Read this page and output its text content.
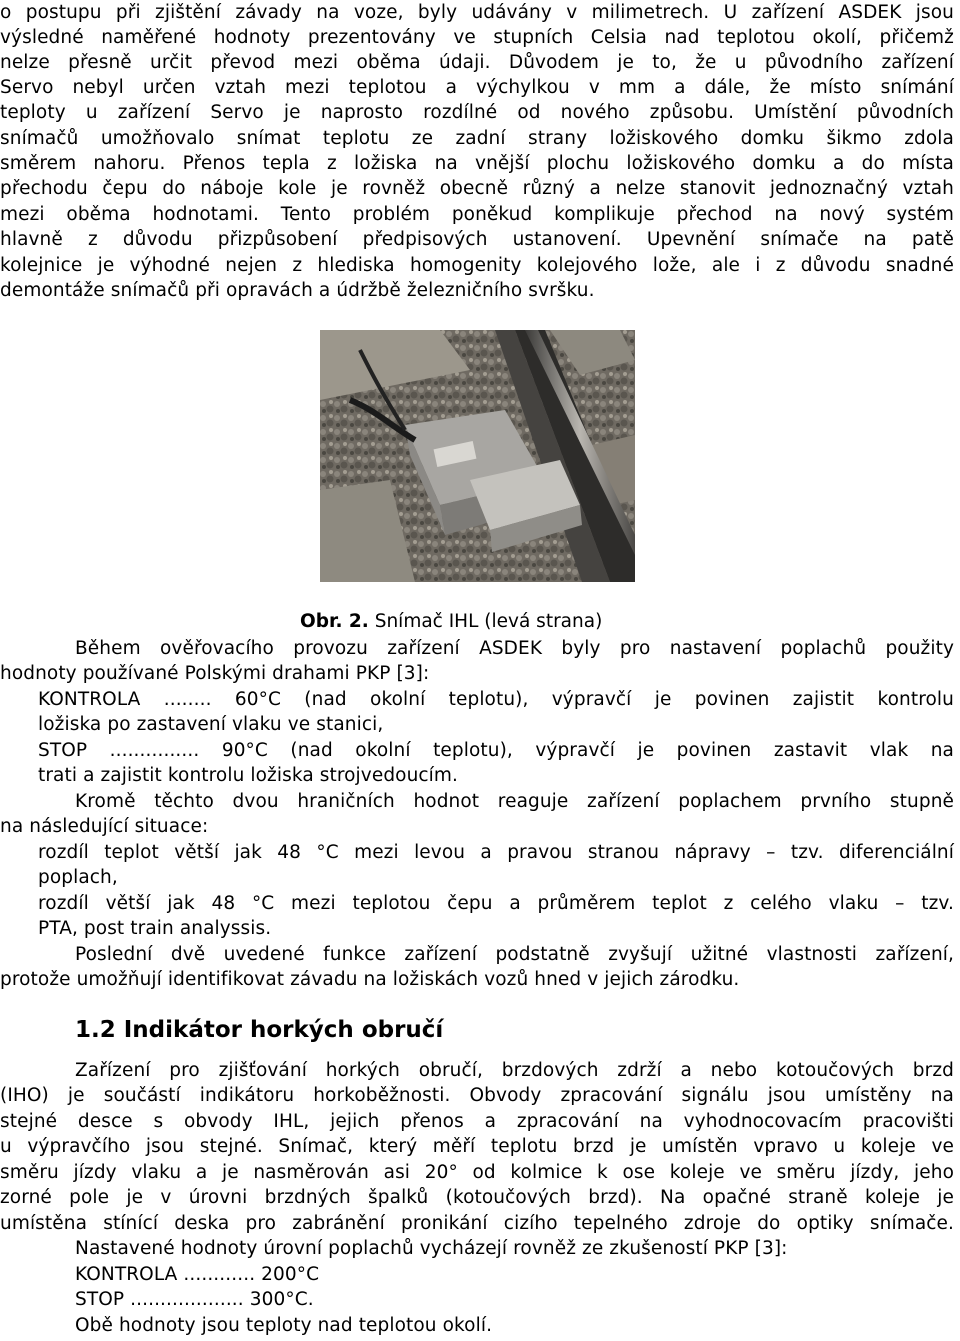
o postupu při zjištění závady na voze, byly udávány v milimetrech. U zařízení ASDEK jsou
výsledné naměřené hodnoty prezentovány ve stupních Celsia nad teplotou okolí, přičemž
nelze přesně určit převod mezi oběma údaji. Důvodem je to, že u původního zařízení
Servo nebyl určen vztah mezi teplotou a výchylkou v mm a dále, že místo snímání
teploty u zařízení Servo je naprosto rozdílné od nového způsobu. Umístění původních
snímačů umožňovalo snímat teplotu ze zadní strany ložiskového domku šikmo zdola
směrem nahoru. Přenos tepla z ložiska na vnější plochu ložiskového domku a do místa
přechodu čepu do náboje kole je rovněž obecně různý a nelze stanovit jednoznačný vztah
mezi oběma hodnotami. Tento problém poněkud komplikuje přechod na nový systém
hlavně z důvodu přizpůsobení předpisových ustanovení. Upevnění snímače na patě
kolejnice je výhodné nejen z hlediska homogenity kolejového lože, ale i z důvodu snadné
demontáže snímačů při opravách a údržbě železničního svršku.
Obr. 2. Snímač IHL (levá strana)
Během ověřovacího provozu zařízení ASDEK byly pro nastavení poplachů použity
hodnoty používané Polskými drahami PKP [3]:
KONTROLA ........ 60°C (nad okolní teplotu), výpravčí je povinen zajistit kontrolu
ložiska po zastavení vlaku ve stanici,
STOP ............... 90°C (nad okolní teplotu), výpravčí je povinen zastavit vlak na
trati a zajistit kontrolu ložiska strojvedoucím.
Kromě těchto dvou hraničních hodnot reaguje zařízení poplachem prvního stupně
na následující situace:
rozdíl teplot větší jak 48 °C mezi levou a pravou stranou nápravy – tzv. diferenciální
poplach,
rozdíl větší jak 48 °C mezi teplotou čepu a průměrem teplot z celého vlaku – tzv.
PTA, post train analyssis.
Poslední dvě uvedené funkce zařízení podstatně zvyšují užitné vlastnosti zařízení,
protože umožňují identifikovat závadu na ložiskách vozů hned v jejich zárodku.
1.2 Indikátor horkých obručí
Zařízení pro zjišťování horkých obručí, brzdových zdrží a nebo kotoučových brzd
(IHO) je součástí indikátoru horkoběžnosti. Obvody zpracování signálu jsou umístěny na
stejné desce s obvody IHL, jejich přenos a zpracování na vyhodnocovacím pracovišti
u výpravčího jsou stejné. Snímač, který měří teplotu brzd je umístěn vpravo u koleje ve
směru jízdy vlaku a je nasměrován asi 20° od kolmice k ose koleje ve směru jízdy, jeho
zorné pole je v úrovni brzdných špalků (kotoučových brzd). Na opačné straně koleje je
umístěna stínící deska pro zabránění pronikání cizího tepelného zdroje do optiky snímače.
Nastavené hodnoty úrovní poplachů vycházejí rovněž ze zkušeností PKP [3]:
KONTROLA ............ 200°C
STOP ................... 300°C.
Obě hodnoty jsou teploty nad teplotou okolí.
